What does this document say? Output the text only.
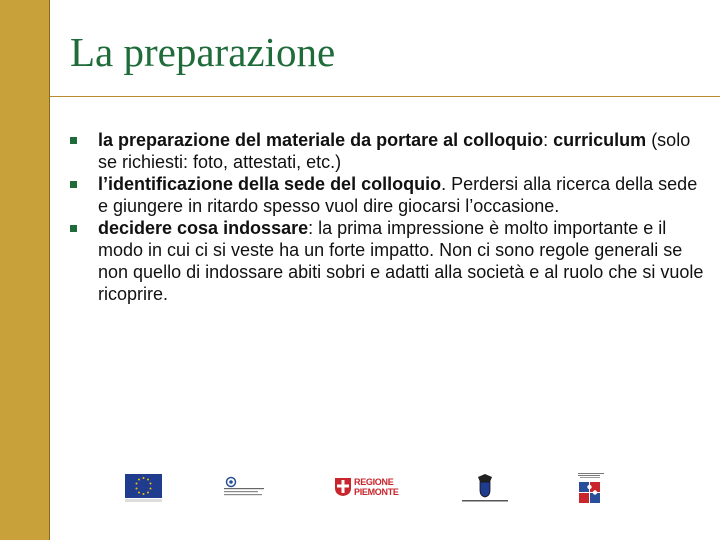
La preparazione
la preparazione del materiale da portare al colloquio: curriculum (solo se richiesti: foto, attestati, etc.)
l’identificazione della sede del colloquio. Perdersi alla ricerca della sede e giungere in ritardo spesso vuol dire giocarsi l’occasione.
decidere cosa indossare: la prima impressione è molto importante e il modo in cui ci si veste ha un forte impatto. Non ci sono regole generali se non quello di indossare abiti sobri e adatti alla società e al ruolo che si vuole ricoprire.
REGIONE
PIEMONTE
